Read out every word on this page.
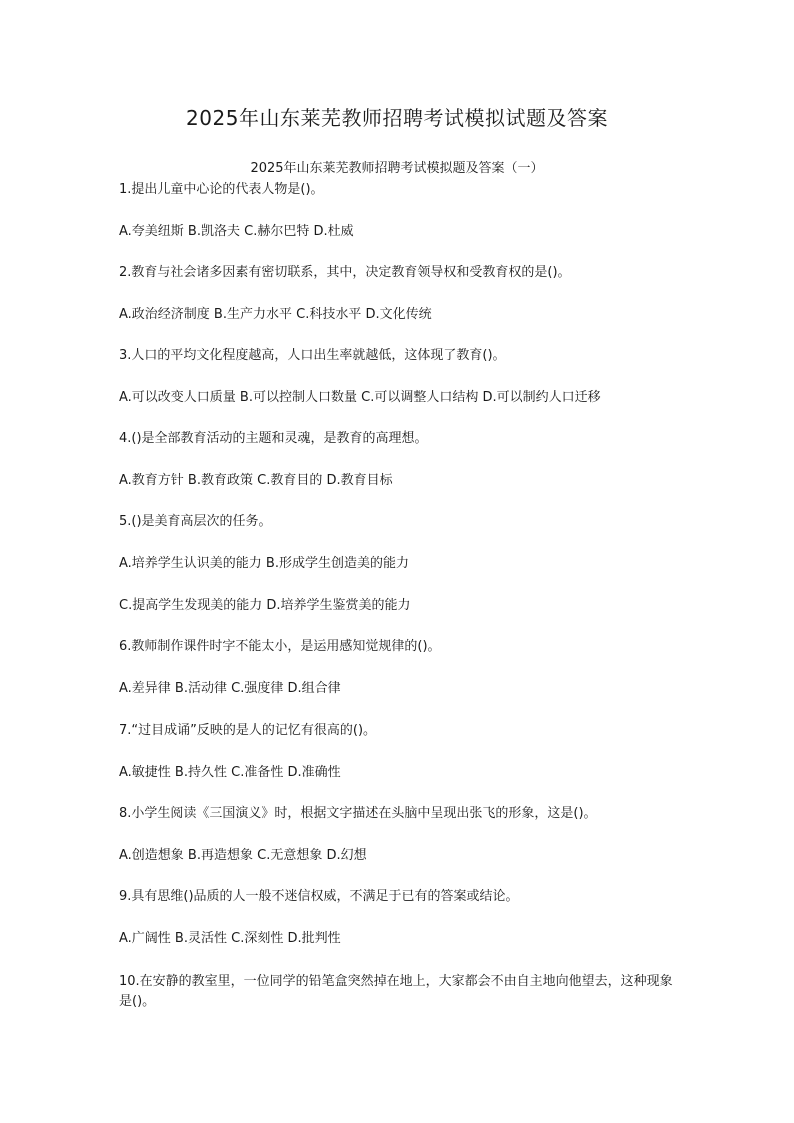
2025年山东莱芜教师招聘考试模拟试题及答案
2025年山东莱芜教师招聘考试模拟题及答案（一）
1.提出儿童中心论的代表人物是()。
A.夸美纽斯 B.凯洛夫 C.赫尔巴特 D.杜威
2.教育与社会诸多因素有密切联系，其中，决定教育领导权和受教育权的是()。
A.政治经济制度 B.生产力水平 C.科技水平 D.文化传统
3.人口的平均文化程度越高，人口出生率就越低，这体现了教育()。
A.可以改变人口质量 B.可以控制人口数量 C.可以调整人口结构 D.可以制约人口迁移
4.()是全部教育活动的主题和灵魂，是教育的高理想。
A.教育方针 B.教育政策 C.教育目的 D.教育目标
5.()是美育高层次的任务。
A.培养学生认识美的能力 B.形成学生创造美的能力
C.提高学生发现美的能力 D.培养学生鉴赏美的能力
6.教师制作课件时字不能太小，是运用感知觉规律的()。
A.差异律 B.活动律 C.强度律 D.组合律
7.“过目成诵”反映的是人的记忆有很高的()。
A.敏捷性 B.持久性 C.准备性 D.准确性
8.小学生阅读《三国演义》时，根据文字描述在头脑中呈现出张飞的形象，这是()。
A.创造想象 B.再造想象 C.无意想象 D.幻想
9.具有思维()品质的人一般不迷信权威，不满足于已有的答案或结论。
A.广阔性 B.灵活性 C.深刻性 D.批判性
10.在安静的教室里，一位同学的铅笔盒突然掉在地上，大家都会不由自主地向他望去，这种现象是()。
